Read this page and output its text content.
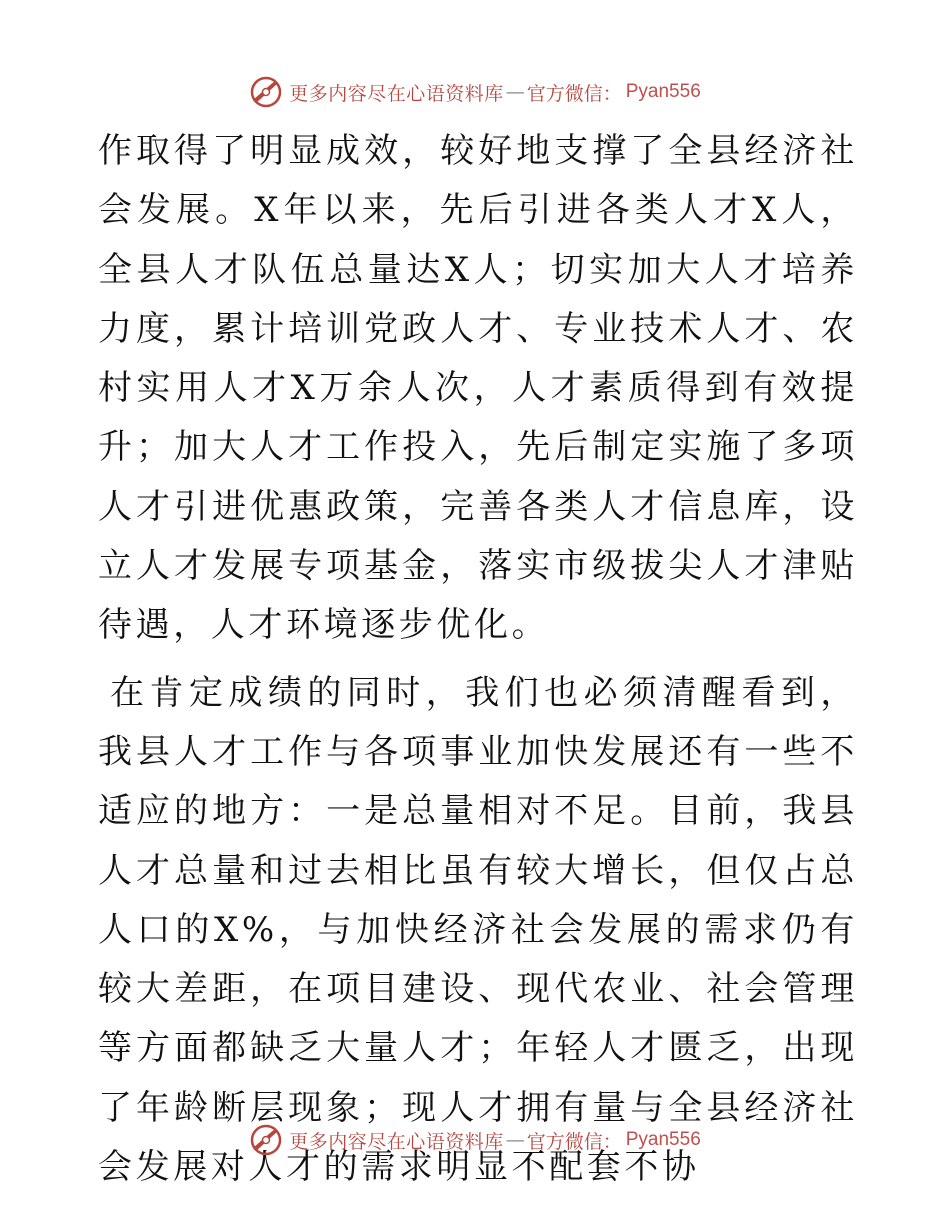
更多内容尽在心语资料库 — 官方微信： Pyan556

作取得了明显成效，较好地支撑了全县经济社会发展。X年以来，先后引进各类人才X人，全县人才队伍总量达X人；切实加大人才培养力度，累计培训党政人才、专业技术人才、农村实用人才X万余人次，人才素质得到有效提升；加大人才工作投入，先后制定实施了多项人才引进优惠政策，完善各类人才信息库，设立人才发展专项基金，落实市级拔尖人才津贴待遇，人才环境逐步优化。

在肯定成绩的同时，我们也必须清醒看到，我县人才工作与各项事业加快发展还有一些不适应的地方：一是总量相对不足。目前，我县人才总量和过去相比虽有较大增长，但仅占总人口的X%，与加快经济社会发展的需求仍有较大差距，在项目建设、现代农业、社会管理等方面都缺乏大量人才；年轻人才匮乏，出现了年龄断层现象；现人才拥有量与全县经济社会发展对人才的需求明显不配套不协

更多内容尽在心语资料库 — 官方微信： Pyan556
